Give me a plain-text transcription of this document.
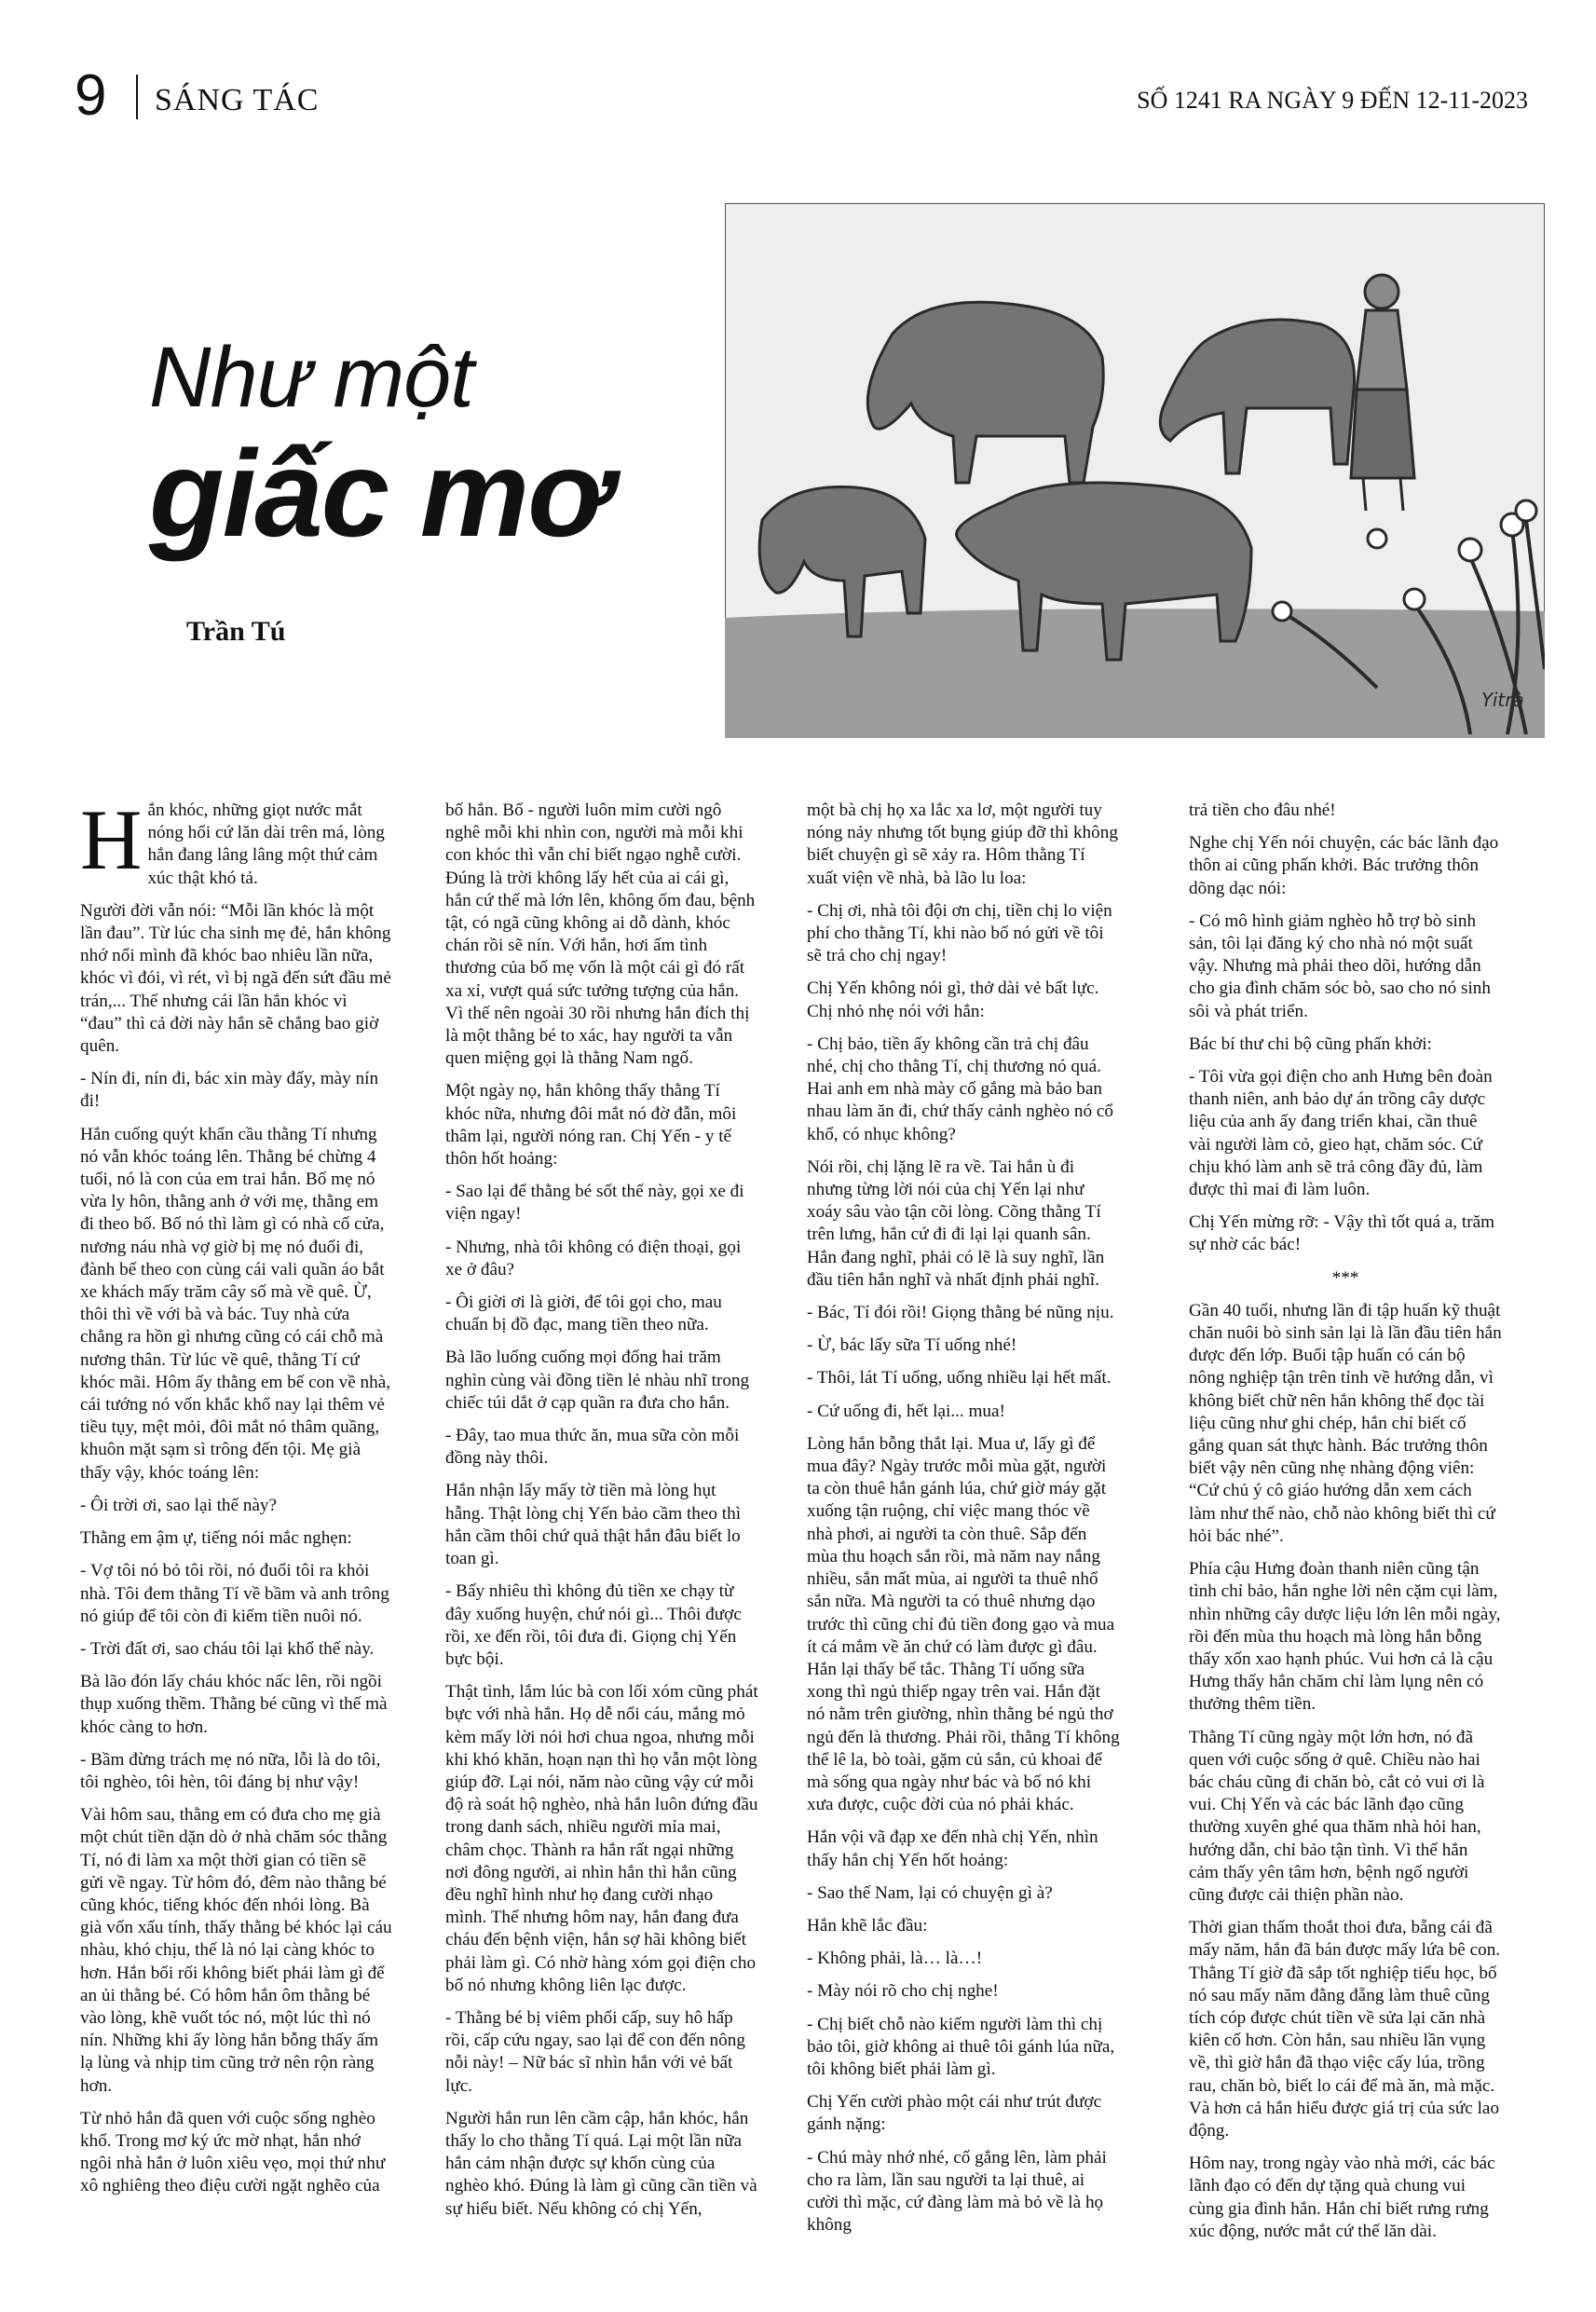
9 SÁNG TÁC	SỐ 1241 RA NGÀY 9 ĐẾN 12-11-2023
Như một
giấc mơ
Trần Tú
Yitrà

Hắn khóc, những giọt nước mắt nóng hổi cứ lăn dài trên má, lòng hắn đang lâng lâng một thứ cảm xúc thật khó tả.

Người đời vẫn nói: “Mỗi lần khóc là một lần đau”. Từ lúc cha sinh mẹ đẻ, hắn không nhớ nổi mình đã khóc bao nhiêu lần nữa, khóc vì đói, vì rét, vì bị ngã đến sứt đầu mẻ trán,... Thế nhưng cái lần hắn khóc vì “đau” thì cả đời này hắn sẽ chẳng bao giờ quên.

- Nín đi, nín đi, bác xin mày đấy, mày nín đi!

Hắn cuống quýt khẩn cầu thằng Tí nhưng nó vẫn khóc toáng lên. Thằng bé chừng 4 tuổi, nó là con của em trai hắn. Bố mẹ nó vừa ly hôn, thằng anh ở với mẹ, thằng em đi theo bố. Bố nó thì làm gì có nhà cố cửa, nương náu nhà vợ giờ bị mẹ nó đuổi đi, đành bế theo con cùng cái vali quần áo bắt xe khách mấy trăm cây số mà về quê. Ừ, thôi thì về với bà và bác. Tuy nhà cửa chẳng ra hồn gì nhưng cũng có cái chỗ mà nương thân. Từ lúc về quê, thằng Tí cứ khóc mãi. Hôm ấy thằng em bế con về nhà, cái tướng nó vốn khắc khổ nay lại thêm vẻ tiều tụy, mệt mỏi, đôi mắt nó thâm quầng, khuôn mặt sạm sì trông đến tội. Mẹ già thấy vậy, khóc toáng lên:

- Ôi trời ơi, sao lại thế này?

Thằng em ậm ự, tiếng nói mắc nghẹn:

- Vợ tôi nó bỏ tôi rồi, nó đuổi tôi ra khỏi nhà. Tôi đem thằng Tí về bầm và anh trông nó giúp để tôi còn đi kiếm tiền nuôi nó.

- Trời đất ơi, sao cháu tôi lại khổ thế này.

Bà lão đón lấy cháu khóc nấc lên, rồi ngồi thụp xuống thềm. Thằng bé cũng vì thế mà khóc càng to hơn.

- Bầm đừng trách mẹ nó nữa, lỗi là do tôi, tôi nghèo, tôi hèn, tôi đáng bị như vậy!

Vài hôm sau, thằng em có đưa cho mẹ già một chút tiền dặn dò ở nhà chăm sóc thằng Tí, nó đi làm xa một thời gian có tiền sẽ gửi về ngay. Từ hôm đó, đêm nào thằng bé cũng khóc, tiếng khóc đến nhói lòng. Bà già vốn xấu tính, thấy thằng bé khóc lại cáu nhàu, khó chịu, thế là nó lại càng khóc to hơn. Hắn bối rối không biết phải làm gì để an ủi thằng bé. Có hôm hắn ôm thằng bé vào lòng, khẽ vuốt tóc nó, một lúc thì nó nín. Những khi ấy lòng hắn bỗng thấy ấm lạ lùng và nhịp tim cũng trở nên rộn ràng hơn.

Từ nhỏ hắn đã quen với cuộc sống nghèo khổ. Trong mơ ký ức mờ nhạt, hắn nhớ ngôi nhà hắn ở luôn xiêu vẹo, mọi thứ như xô nghiêng theo điệu cười ngặt nghẽo của

bố hắn. Bố - người luôn mỉm cười ngô nghê mỗi khi nhìn con, người mà mỗi khi con khóc thì vẫn chỉ biết ngạo nghễ cười. Đúng là trời không lấy hết của ai cái gì, hắn cứ thế mà lớn lên, không ốm đau, bệnh tật, có ngã cũng không ai dỗ dành, khóc chán rồi sẽ nín. Với hắn, hơi ấm tình thương của bố mẹ vốn là một cái gì đó rất xa xỉ, vượt quá sức tưởng tượng của hắn. Vì thế nên ngoài 30 rồi nhưng hắn đích thị là một thằng bé to xác, hay người ta vẫn quen miệng gọi là thằng Nam ngố.

Một ngày nọ, hắn không thấy thằng Tí khóc nữa, nhưng đôi mắt nó đờ đẫn, môi thâm lại, người nóng ran. Chị Yến - y tế thôn hốt hoảng:

- Sao lại để thằng bé sốt thế này, gọi xe đi viện ngay!

- Nhưng, nhà tôi không có điện thoại, gọi xe ở đâu?

- Ôi giời ơi là giời, để tôi gọi cho, mau chuẩn bị đồ đạc, mang tiền theo nữa.

Bà lão luống cuống mọi đống hai trăm nghìn cùng vài đồng tiền lẻ nhàu nhĩ trong chiếc túi dắt ở cạp quần ra đưa cho hắn.

- Đây, tao mua thức ăn, mua sữa còn mỗi đồng này thôi.

Hắn nhận lấy mấy tờ tiền mà lòng hụt hẫng. Thật lòng chị Yến bảo cầm theo thì hắn cầm thôi chứ quả thật hắn đâu biết lo toan gì.

- Bấy nhiêu thì không đủ tiền xe chạy từ đây xuống huyện, chứ nói gì... Thôi được rồi, xe đến rồi, tôi đưa đi. Giọng chị Yến bực bội.

Thật tình, lắm lúc bà con lối xóm cũng phát bực với nhà hắn. Họ dễ nổi cáu, mắng mỏ kèm mấy lời nói hơi chua ngoa, nhưng mỗi khi khó khăn, hoạn nạn thì họ vẫn một lòng giúp đỡ. Lại nói, năm nào cũng vậy cứ mỗi độ rà soát hộ nghèo, nhà hắn luôn đứng đầu trong danh sách, nhiều người mỉa mai, châm chọc. Thành ra hắn rất ngại những nơi đông người, ai nhìn hắn thì hắn cũng đều nghĩ hình như họ đang cười nhạo mình. Thế nhưng hôm nay, hắn đang đưa cháu đến bệnh viện, hắn sợ hãi không biết phải làm gì. Có nhờ hàng xóm gọi điện cho bố nó nhưng không liên lạc được.

- Thằng bé bị viêm phổi cấp, suy hô hấp rồi, cấp cứu ngay, sao lại để con đến nông nỗi này! – Nữ bác sĩ nhìn hắn với vẻ bất lực.

Người hắn run lên cầm cập, hắn khóc, hắn thấy lo cho thằng Tí quá. Lại một lần nữa hắn cảm nhận được sự khốn cùng của nghèo khó. Đúng là làm gì cũng cần tiền và sự hiểu biết. Nếu không có chị Yến,

một bà chị họ xa lắc xa lơ, một người tuy nóng nảy nhưng tốt bụng giúp đỡ thì không biết chuyện gì sẽ xảy ra. Hôm thằng Tí xuất viện về nhà, bà lão lu loa:

- Chị ơi, nhà tôi đội ơn chị, tiền chị lo viện phí cho thằng Tí, khi nào bố nó gửi về tôi sẽ trả cho chị ngay!

Chị Yến không nói gì, thở dài vẻ bất lực. Chị nhỏ nhẹ nói với hắn:

- Chị bảo, tiền ấy không cần trả chị đâu nhé, chị cho thằng Tí, chị thương nó quá. Hai anh em nhà mày cố gắng mà bảo ban nhau làm ăn đi, chứ thấy cảnh nghèo nó cổ khổ, có nhục không?

Nói rồi, chị lặng lẽ ra về. Tai hắn ù đi nhưng từng lời nói của chị Yến lại như xoáy sâu vào tận cõi lòng. Cõng thằng Tí trên lưng, hắn cứ đi đi lại lại quanh sân. Hắn đang nghĩ, phải có lẽ là suy nghĩ, lần đầu tiên hắn nghĩ và nhất định phải nghĩ.

- Bác, Tí đói rồi! Giọng thằng bé nũng nịu.

- Ừ, bác lấy sữa Tí uống nhé!

- Thôi, lát Tí uống, uống nhiều lại hết mất.

- Cứ uống đi, hết lại... mua!

Lòng hắn bỗng thắt lại. Mua ư, lấy gì để mua đây? Ngày trước mỗi mùa gặt, người ta còn thuê hắn gánh lúa, chứ giờ máy gặt xuống tận ruộng, chỉ việc mang thóc về nhà phơi, ai người ta còn thuê. Sắp đến mùa thu hoạch sắn rồi, mà năm nay nắng nhiều, sắn mất mùa, ai người ta thuê nhổ sắn nữa. Mà người ta có thuê nhưng dạo trước thì cũng chỉ đủ tiền đong gạo và mua ít cá mắm về ăn chứ có làm được gì đâu. Hắn lại thấy bế tắc. Thằng Tí uống sữa xong thì ngủ thiếp ngay trên vai. Hắn đặt nó nằm trên giường, nhìn thằng bé ngủ thơ ngủ đến là thương. Phải rồi, thằng Tí không thể lê la, bò toài, gặm củ sắn, củ khoai để mà sống qua ngày như bác và bố nó khi xưa được, cuộc đời của nó phải khác.

Hắn vội vã đạp xe đến nhà chị Yến, nhìn thấy hắn chị Yến hốt hoảng:

- Sao thế Nam, lại có chuyện gì à?

Hắn khẽ lắc đầu:

- Không phải, là… là…!

- Mày nói rõ cho chị nghe!

- Chị biết chỗ nào kiếm người làm thì chị bảo tôi, giờ không ai thuê tôi gánh lúa nữa, tôi không biết phải làm gì.

Chị Yến cười phào một cái như trút được gánh nặng:

- Chú mày nhớ nhé, cố gắng lên, làm phải cho ra làm, lần sau người ta lại thuê, ai cười thì mặc, cứ đàng làm mà bỏ về là họ không

trả tiền cho đâu nhé!

Nghe chị Yến nói chuyện, các bác lãnh đạo thôn ai cũng phấn khởi. Bác trưởng thôn dõng dạc nói:

- Có mô hình giảm nghèo hỗ trợ bò sinh sản, tôi lại đăng ký cho nhà nó một suất vậy. Nhưng mà phải theo dõi, hướng dẫn cho gia đình chăm sóc bò, sao cho nó sinh sôi và phát triển.

Bác bí thư chi bộ cũng phấn khởi:

- Tôi vừa gọi điện cho anh Hưng bên đoàn thanh niên, anh bảo dự án trồng cây dược liệu của anh ấy đang triển khai, cần thuê vài người làm cỏ, gieo hạt, chăm sóc. Cứ chịu khó làm anh sẽ trả công đầy đủ, làm được thì mai đi làm luôn.

Chị Yến mừng rỡ: - Vậy thì tốt quá a, trăm sự nhờ các bác!

***

Gần 40 tuổi, nhưng lần đi tập huấn kỹ thuật chăn nuôi bò sinh sản lại là lần đầu tiên hắn được đến lớp. Buổi tập huấn có cán bộ nông nghiệp tận trên tỉnh về hướng dẫn, vì không biết chữ nên hắn không thể đọc tài liệu cũng như ghi chép, hắn chỉ biết cố gắng quan sát thực hành. Bác trưởng thôn biết vậy nên cũng nhẹ nhàng động viên: “Cứ chủ ý cô giáo hướng dẫn xem cách làm như thế nào, chỗ nào không biết thì cứ hỏi bác nhé”.

Phía cậu Hưng đoàn thanh niên cũng tận tình chỉ bảo, hắn nghe lời nên cặm cụi làm, nhìn những cây dược liệu lớn lên mỗi ngày, rồi đến mùa thu hoạch mà lòng hắn bỗng thấy xốn xao hạnh phúc. Vui hơn cả là cậu Hưng thấy hắn chăm chỉ làm lụng nên có thưởng thêm tiền.

Thằng Tí cũng ngày một lớn hơn, nó đã quen với cuộc sống ở quê. Chiều nào hai bác cháu cũng đi chăn bò, cắt cỏ vui ơi là vui. Chị Yến và các bác lãnh đạo cũng thường xuyên ghé qua thăm nhà hỏi han, hướng dẫn, chỉ bảo tận tình. Vì thế hắn cảm thấy yên tâm hơn, bệnh ngố người cũng được cải thiện phần nào.

Thời gian thấm thoắt thoi đưa, bẵng cái đã mấy năm, hắn đã bán được mấy lứa bê con. Thằng Tí giờ đã sắp tốt nghiệp tiểu học, bố nó sau mấy năm đằng đẵng làm thuê cũng tích cóp được chút tiền về sửa lại căn nhà kiên cố hơn. Còn hắn, sau nhiều lần vụng về, thì giờ hắn đã thạo việc cấy lúa, trồng rau, chăn bò, biết lo cái để mà ăn, mà mặc. Và hơn cả hắn hiểu được giá trị của sức lao động.

Hôm nay, trong ngày vào nhà mới, các bác lãnh đạo có đến dự tặng quà chung vui cùng gia đình hắn. Hắn chỉ biết rưng rưng xúc động, nước mắt cứ thế lăn dài.
